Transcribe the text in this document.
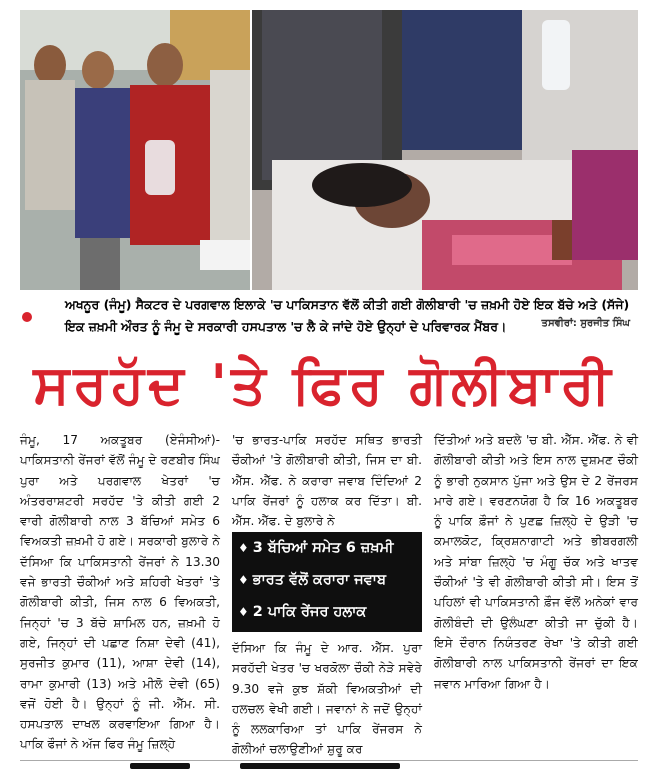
ਅਖਨੂਰ (ਜੰਮੂ) ਸੈਕਟਰ ਦੇ ਪਰਗਵਾਲ ਇਲਾਕੇ 'ਚ ਪਾਕਿਸਤਾਨ ਵੱਲੋਂ ਕੀਤੀ ਗਈ ਗੋਲੀਬਾਰੀ 'ਚ ਜ਼ਖ਼ਮੀ ਹੋਏ ਇਕ ਬੱਚੇ ਅਤੇ (ਸੱਜੇ) ਇਕ ਜ਼ਖ਼ਮੀ ਔਰਤ ਨੂੰ ਜੰਮੂ ਦੇ ਸਰਕਾਰੀ ਹਸਪਤਾਲ 'ਚ ਲੈ ਕੇ ਜਾਂਦੇ ਹੋਏ ਉਨ੍ਹਾਂ ਦੇ ਪਰਿਵਾਰਕ ਮੈਂਬਰ।	ਤਸਵੀਰਾਂ: ਸੁਰਜੀਤ ਸਿੰਘ
ਸਰਹੱਦ 'ਤੇ ਫਿਰ ਗੋਲੀਬਾਰੀ

ਜੰਮੂ, 17 ਅਕਤੂਬਰ (ਏਜੰਸੀਆਂ)- ਪਾਕਿਸਤਾਨੀ ਰੇਂਜਰਾਂ ਵੱਲੋਂ ਜੰਮੂ ਦੇ ਰਣਬੀਰ ਸਿੰਘ ਪੁਰਾ ਅਤੇ ਪਰਗਵਾਲ ਖੇਤਰਾਂ 'ਚ ਅੰਤਰਰਾਸ਼ਟਰੀ ਸਰਹੱਦ 'ਤੇ ਕੀਤੀ ਗਈ 2 ਵਾਰੀ ਗੋਲੀਬਾਰੀ ਨਾਲ 3 ਬੱਚਿਆਂ ਸਮੇਤ 6 ਵਿਅਕਤੀ ਜ਼ਖ਼ਮੀ ਹੋ ਗਏ। ਸਰਕਾਰੀ ਬੁਲਾਰੇ ਨੇ ਦੱਸਿਆ ਕਿ ਪਾਕਿਸਤਾਨੀ ਰੇਂਜਰਾਂ ਨੇ 13.30 ਵਜੇ ਭਾਰਤੀ ਚੌਕੀਆਂ ਅਤੇ ਸ਼ਹਿਰੀ ਖੇਤਰਾਂ 'ਤੇ ਗੋਲੀਬਾਰੀ ਕੀਤੀ, ਜਿਸ ਨਾਲ 6 ਵਿਅਕਤੀ, ਜਿਨ੍ਹਾਂ 'ਚ 3 ਬੱਚੇ ਸ਼ਾਮਿਲ ਹਨ, ਜ਼ਖ਼ਮੀ ਹੋ ਗਏ, ਜਿਨ੍ਹਾਂ ਦੀ ਪਛਾਣ ਨਿਸ਼ਾ ਦੇਵੀ (41), ਸੁਰਜੀਤ ਕੁਮਾਰ (11), ਆਸ਼ਾ ਦੇਵੀ (14), ਰਾਮਾ ਕੁਮਾਰੀ (13) ਅਤੇ ਮੀਲੋ ਦੇਵੀ (65) ਵਜੋਂ ਹੋਈ ਹੈ। ਉਨ੍ਹਾਂ ਨੂੰ ਜੀ. ਐੱਮ. ਸੀ. ਹਸਪਤਾਲ ਦਾਖਲ ਕਰਵਾਇਆ ਗਿਆ ਹੈ। ਪਾਕਿ ਫੌਜਾਂ ਨੇ ਅੱਜ ਫਿਰ ਜੰਮੂ ਜ਼ਿਲ੍ਹੇ

'ਚ ਭਾਰਤ-ਪਾਕਿ ਸਰਹੱਦ ਸਥਿਤ ਭਾਰਤੀ ਚੌਕੀਆਂ 'ਤੇ ਗੋਲੀਬਾਰੀ ਕੀਤੀ, ਜਿਸ ਦਾ ਬੀ. ਐੱਸ. ਐੱਫ. ਨੇ ਕਰਾਰਾ ਜਵਾਬ ਦਿੰਦਿਆਂ 2 ਪਾਕਿ ਰੇਂਜਰਾਂ ਨੂੰ ਹਲਾਕ ਕਰ ਦਿੱਤਾ। ਬੀ. ਐੱਸ. ਐੱਫ. ਦੇ ਬੁਲਾਰੇ ਨੇ

♦ 3 ਬੱਚਿਆਂ ਸਮੇਤ 6 ਜ਼ਖ਼ਮੀ
♦ ਭਾਰਤ ਵੱਲੋਂ ਕਰਾਰਾ ਜਵਾਬ
♦ 2 ਪਾਕਿ ਰੇਂਜਰ ਹਲਾਕ

ਦੱਸਿਆ ਕਿ ਜੰਮੂ ਦੇ ਆਰ. ਐੱਸ. ਪੁਰਾ ਸਰਹੱਦੀ ਖੇਤਰ 'ਚ ਖਰਕੋਲਾ ਚੌਕੀ ਨੇੜੇ ਸਵੇਰੇ 9.30 ਵਜੇ ਕੁਝ ਸ਼ੱਕੀ ਵਿਅਕਤੀਆਂ ਦੀ ਹਲਚਲ ਵੇਖੀ ਗਈ। ਜਵਾਨਾਂ ਨੇ ਜਦੋਂ ਉਨ੍ਹਾਂ ਨੂੰ ਲਲਕਾਰਿਆ ਤਾਂ ਪਾਕਿ ਰੇਂਜਰਸ ਨੇ ਗੋਲੀਆਂ ਚਲਾਉਣੀਆਂ ਸ਼ੁਰੂ ਕਰ

ਦਿੱਤੀਆਂ ਅਤੇ ਬਦਲੇ 'ਚ ਬੀ. ਐੱਸ. ਐੱਫ. ਨੇ ਵੀ ਗੋਲੀਬਾਰੀ ਕੀਤੀ ਅਤੇ ਇਸ ਨਾਲ ਦੁਸ਼ਮਣ ਚੌਕੀ ਨੂੰ ਭਾਰੀ ਨੁਕਸਾਨ ਪੁੱਜਾ ਅਤੇ ਉਸ ਦੇ 2 ਰੇਂਜਰਸ ਮਾਰੇ ਗਏ। ਵਰਣਨਯੋਗ ਹੈ ਕਿ 16 ਅਕਤੂਬਰ ਨੂੰ ਪਾਕਿ ਫ਼ੌਜਾਂ ਨੇ ਪੁਣਛ ਜ਼ਿਲ੍ਹੇ ਦੇ ਉੜੀ 'ਚ ਕਮਾਲਕੋਟ, ਕ੍ਰਿਸ਼ਨਾਗਾਟੀ ਅਤੇ ਭੀਬਰਗਲੀ ਅਤੇ ਸਾਂਬਾ ਜ਼ਿਲ੍ਹੇ 'ਚ ਮੰਗੂ ਚੱਕ ਅਤੇ ਖਾਤਵ ਚੌਕੀਆਂ 'ਤੇ ਵੀ ਗੋਲੀਬਾਰੀ ਕੀਤੀ ਸੀ। ਇਸ ਤੋਂ ਪਹਿਲਾਂ ਵੀ ਪਾਕਿਸਤਾਨੀ ਫ਼ੌਜ ਵੱਲੋਂ ਅਨੇਕਾਂ ਵਾਰ ਗੋਲੀਬੰਦੀ ਦੀ ਉਲੰਘਣਾ ਕੀਤੀ ਜਾ ਚੁੱਕੀ ਹੈ। ਇਸੇ ਦੌਰਾਨ ਨਿਯੰਤਰਣ ਰੇਖਾ 'ਤੇ ਕੀਤੀ ਗਈ ਗੋਲੀਬਾਰੀ ਨਾਲ ਪਾਕਿਸਤਾਨੀ ਰੇਂਜਰਾਂ ਦਾ ਇਕ ਜਵਾਨ ਮਾਰਿਆ ਗਿਆ ਹੈ।
